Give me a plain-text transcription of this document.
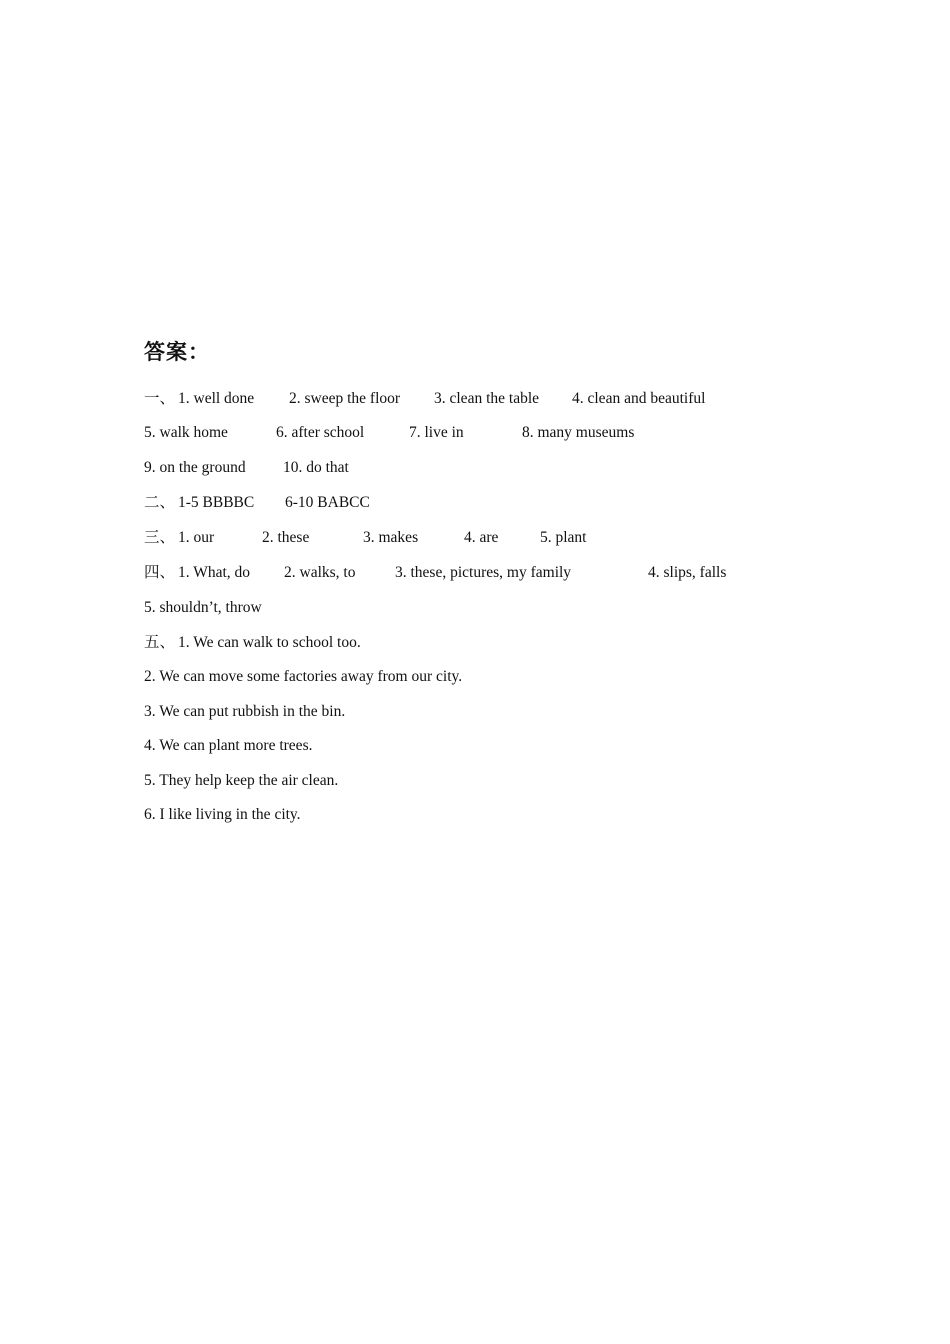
答案：
一、 1. well done 2. sweep the floor 3. clean the table 4. clean and beautiful
5. walk home	6. after school	7. live in	8. many museums
9. on the ground 10. do that
二、 1-5 BBBBC 6-10 BABCC
三、 1. our	2. these	3. makes	4. are	5. plant
四、 1. What, do 2. walks, to	3. these, pictures, my family	4. slips, falls
5. shouldn’t, throw
五、 1. We can walk to school too.
2. We can move some factories away from our city.
3. We can put rubbish in the bin.
4. We can plant more trees.
5. They help keep the air clean.
6. I like living in the city.
